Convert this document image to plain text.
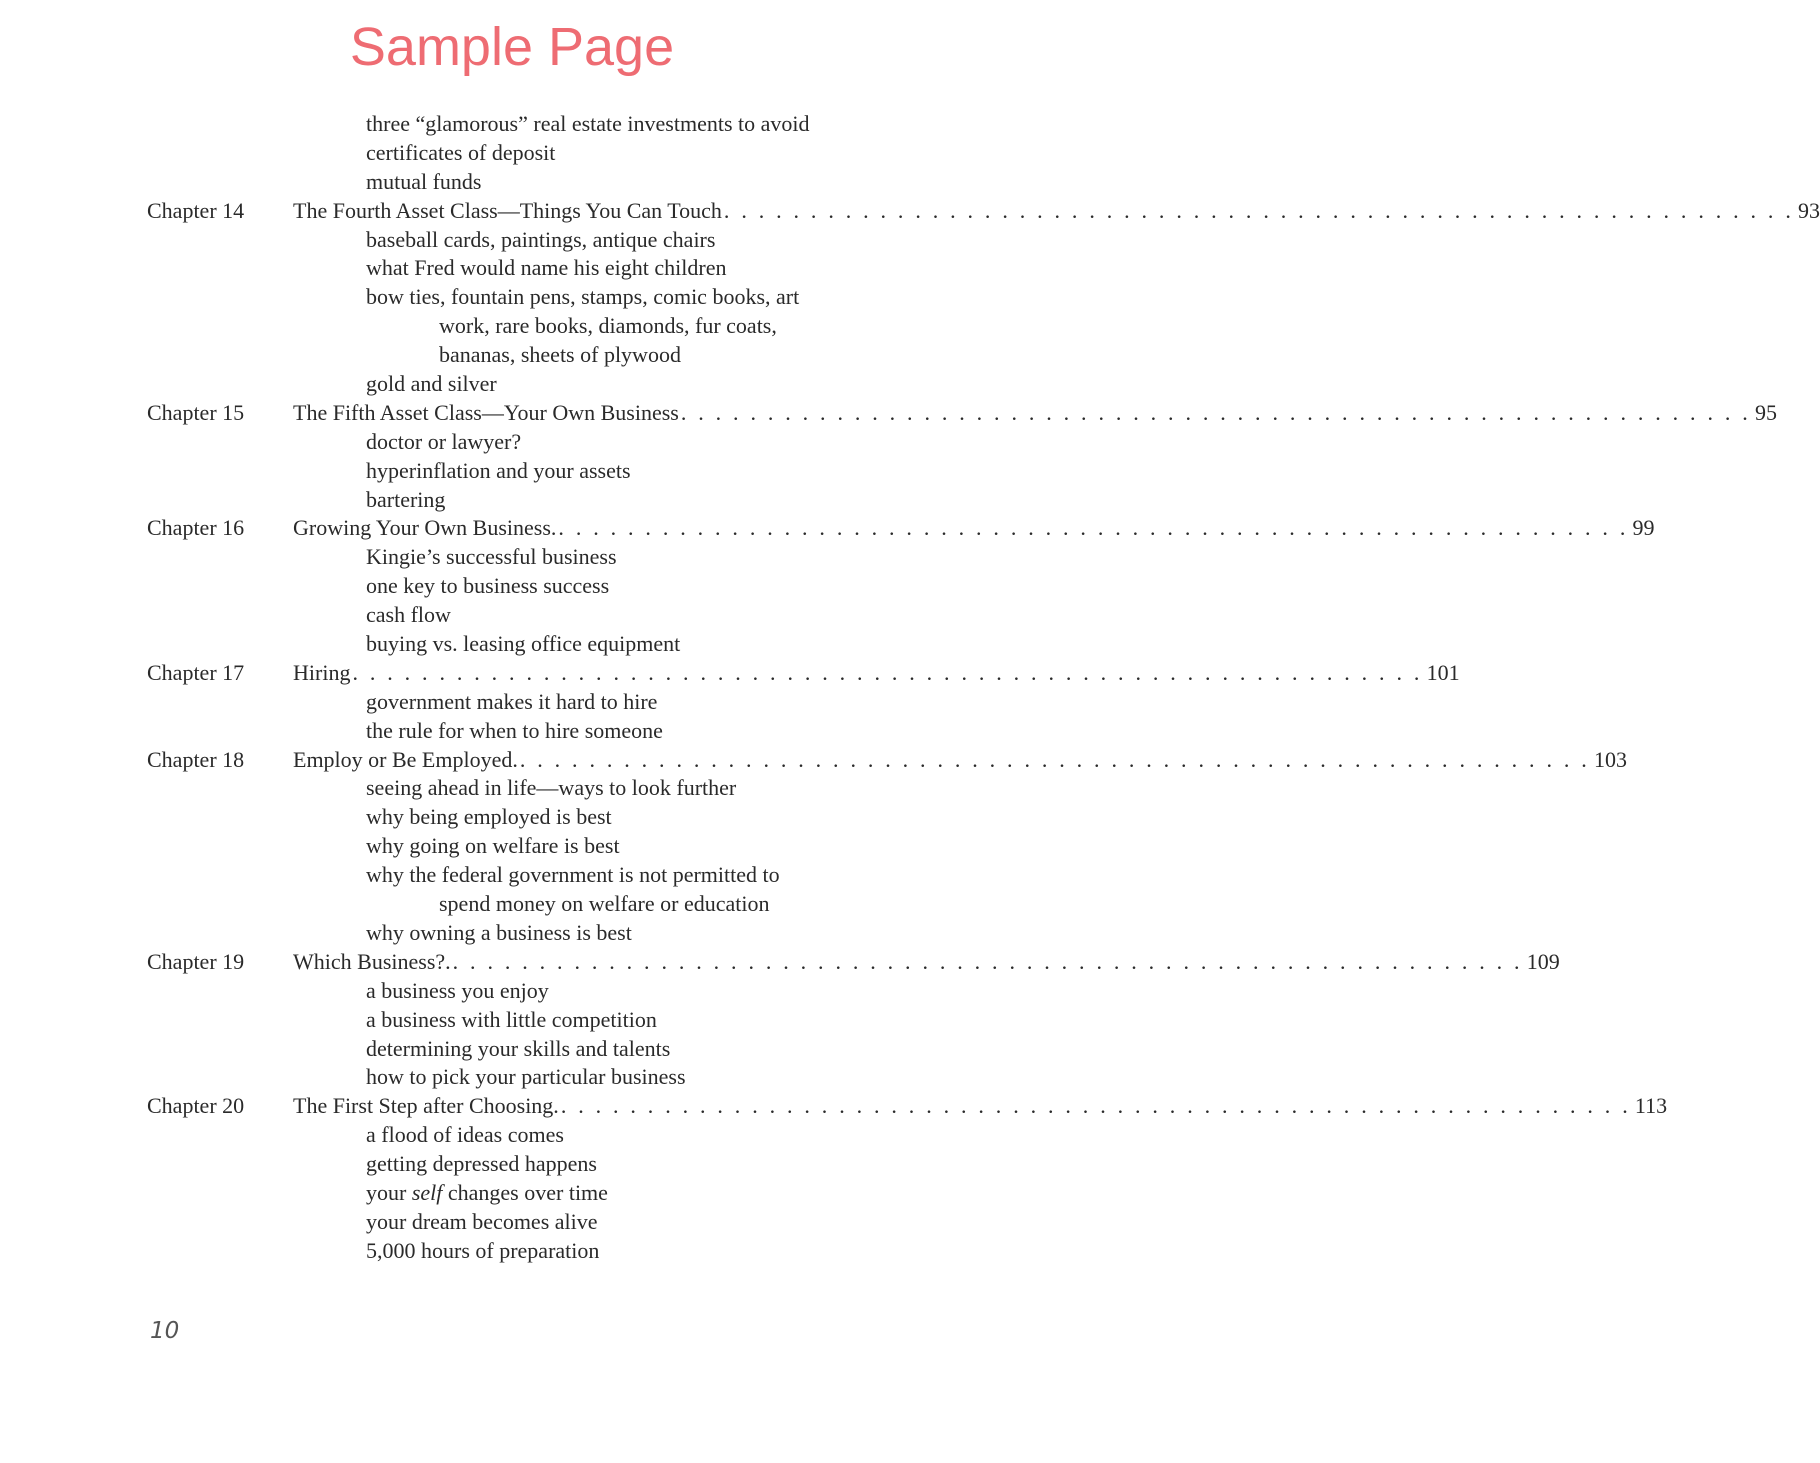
Sample Page
three “glamorous” real estate investments to avoid
certificates of deposit
mutual funds
Chapter 14 The Fourth Asset Class—Things You Can Touch . . . . . . . . . . . . . . . . . . . . . . . . . . . . . . . . . . . . . . . . . . . . . . . . . . . . . . . . . . . . . . 93
baseball cards, paintings, antique chairs
what Fred would name his eight children
bow ties, fountain pens, stamps, comic books, art
work, rare books, diamonds, fur coats,
bananas, sheets of plywood
gold and silver
Chapter 15 The Fifth Asset Class—Your Own Business . . . . . . . . . . . . . . . . . . . . . . . . . . . . . . . . . . . . . . . . . . . . . . . . . . . . . . . . . . . . . . 95
doctor or lawyer?
hyperinflation and your assets
bartering
Chapter 16 Growing Your Own Business. . . . . . . . . . . . . . . . . . . . . . . . . . . . . . . . . . . . . . . . . . . . . . . . . . . . . . . . . . . . . . . 99
Kingie’s successful business
one key to business success
cash flow
buying vs. leasing office equipment
Chapter 17 Hiring . . . . . . . . . . . . . . . . . . . . . . . . . . . . . . . . . . . . . . . . . . . . . . . . . . . . . . . . . . . . . . 101
government makes it hard to hire
the rule for when to hire someone
Chapter 18 Employ or Be Employed. . . . . . . . . . . . . . . . . . . . . . . . . . . . . . . . . . . . . . . . . . . . . . . . . . . . . . . . . . . . . . . 103
seeing ahead in life—ways to look further
why being employed is best
why going on welfare is best
why the federal government is not permitted to
spend money on welfare or education
why owning a business is best
Chapter 19 Which Business?. . . . . . . . . . . . . . . . . . . . . . . . . . . . . . . . . . . . . . . . . . . . . . . . . . . . . . . . . . . . . . . 109
a business you enjoy
a business with little competition
determining your skills and talents
how to pick your particular business
Chapter 20 The First Step after Choosing. . . . . . . . . . . . . . . . . . . . . . . . . . . . . . . . . . . . . . . . . . . . . . . . . . . . . . . . . . . . . . . 113
a flood of ideas comes
getting depressed happens
your self changes over time
your dream becomes alive
5,000 hours of preparation
10
